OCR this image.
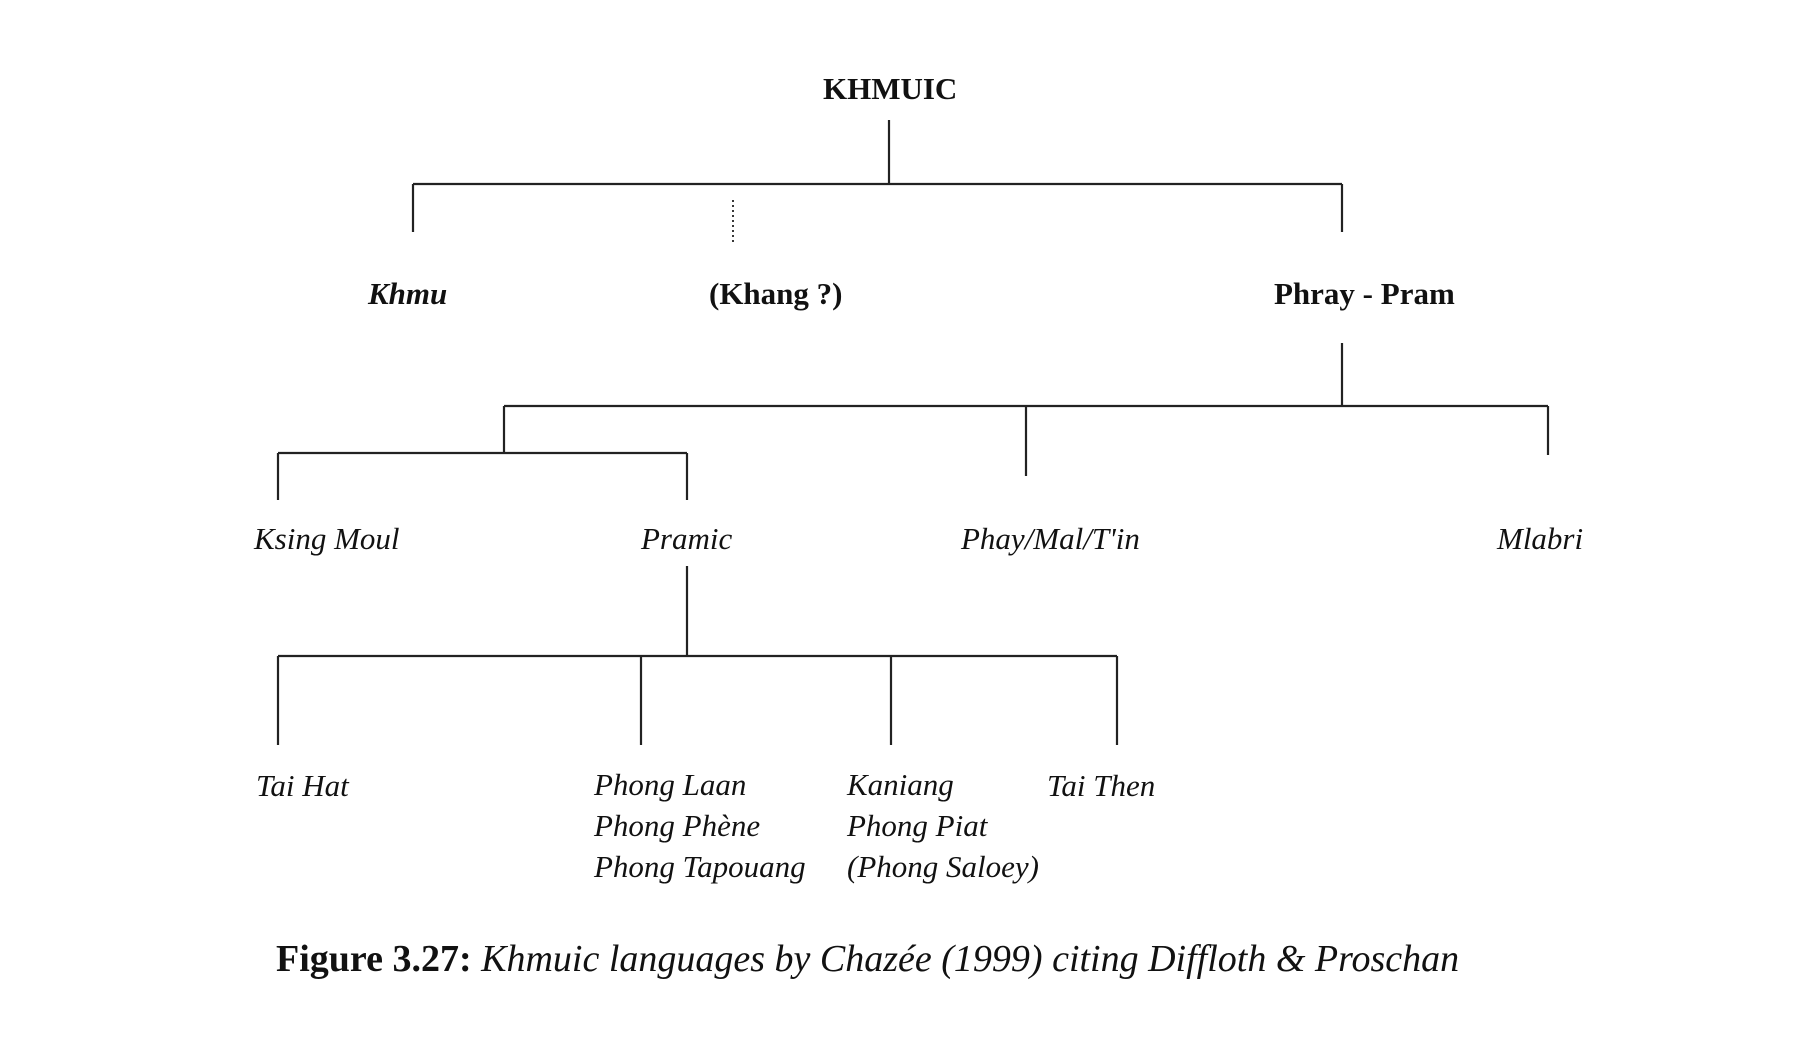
KHMUIC
Khmu	(Khang ?)	Phray - Pram
Ksing Moul	Pramic	Phay/Mal/T'in	Mlabri
Tai Hat	Phong Laan
Phong Phène
Phong Tapouang
Kaniang
Phong Piat
(Phong Saloey)
Tai Then
Figure 3.27: Khmuic languages by Chazée (1999) citing Diffloth & Proschan
